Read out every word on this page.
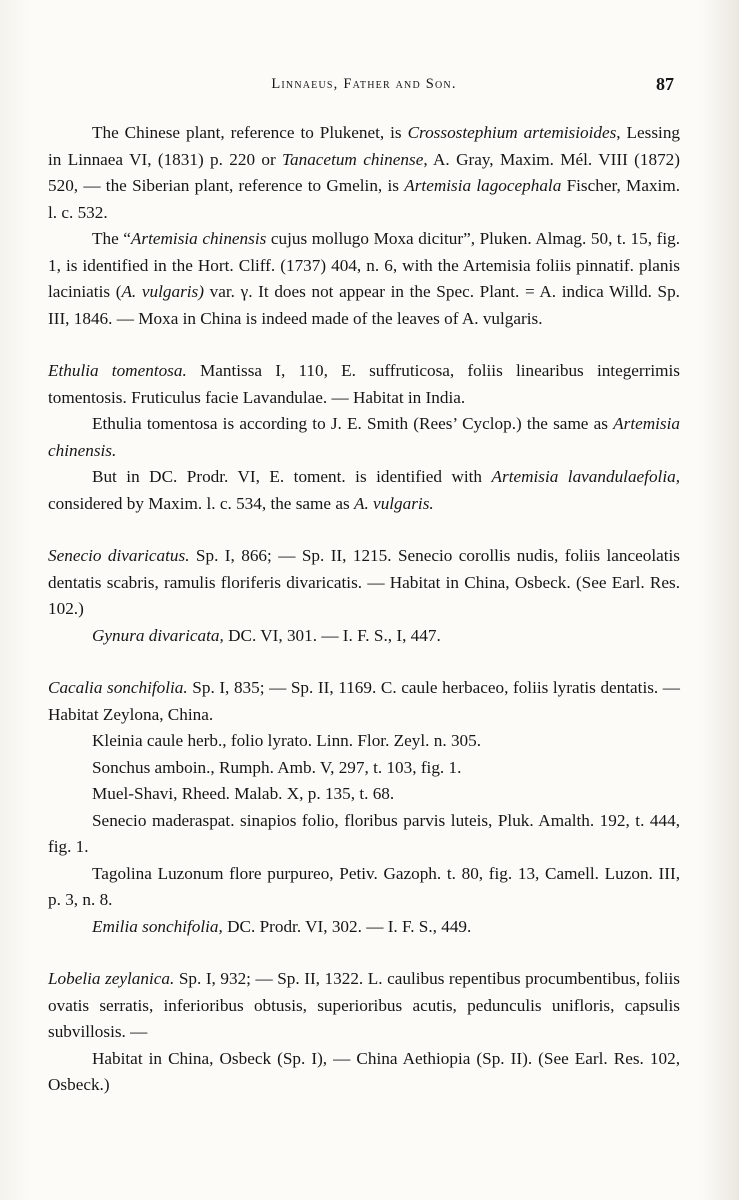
Linnaeus, Father and Son.	87

The Chinese plant, reference to Plukenet, is Crossostephium artemisioides, Lessing in Linnaea VI, (1831) p. 220 or Tanacetum chinense, A. Gray, Maxim. Mél. VIII (1872) 520, — the Siberian plant, reference to Gmelin, is Artemisia lagocephala Fischer, Maxim. l. c. 532.

The “Artemisia chinensis cujus mollugo Moxa dicitur”, Pluken. Almag. 50, t. 15, fig. 1, is identified in the Hort. Cliff. (1737) 404, n. 6, with the Artemisia foliis pinnatif. planis laciniatis (A. vulgaris) var. γ. It does not appear in the Spec. Plant. = A. indica Willd. Sp. III, 1846. — Moxa in China is indeed made of the leaves of A. vulgaris.

Ethulia tomentosa. Mantissa I, 110, E. suffruticosa, foliis linearibus integerrimis tomentosis. Fruticulus facie Lavandulae. — Habitat in India.

Ethulia tomentosa is according to J. E. Smith (Rees’ Cyclop.) the same as Artemisia chinensis.

But in DC. Prodr. VI, E. toment. is identified with Artemisia lavandulaefolia, considered by Maxim. l. c. 534, the same as A. vulgaris.

Senecio divaricatus. Sp. I, 866; — Sp. II, 1215. Senecio corollis nudis, foliis lanceolatis dentatis scabris, ramulis floriferis divaricatis. — Habitat in China, Osbeck. (See Earl. Res. 102.)

Gynura divaricata, DC. VI, 301. — I. F. S., I, 447.

Cacalia sonchifolia. Sp. I, 835; — Sp. II, 1169. C. caule herbaceo, foliis lyratis dentatis. — Habitat Zeylona, China.

Kleinia caule herb., folio lyrato. Linn. Flor. Zeyl. n. 305.

Sonchus amboin., Rumph. Amb. V, 297, t. 103, fig. 1.

Muel-Shavi, Rheed. Malab. X, p. 135, t. 68.

Senecio maderaspat. sinapios folio, floribus parvis luteis, Pluk. Amalth. 192, t. 444, fig. 1.

Tagolina Luzonum flore purpureo, Petiv. Gazoph. t. 80, fig. 13, Camell. Luzon. III, p. 3, n. 8.

Emilia sonchifolia, DC. Prodr. VI, 302. — I. F. S., 449.

Lobelia zeylanica. Sp. I, 932; — Sp. II, 1322. L. caulibus repentibus procumbentibus, foliis ovatis serratis, inferioribus obtusis, superioribus acutis, pedunculis unifloris, capsulis subvillosis. —

Habitat in China, Osbeck (Sp. I), — China Aethiopia (Sp. II). (See Earl. Res. 102, Osbeck.)
